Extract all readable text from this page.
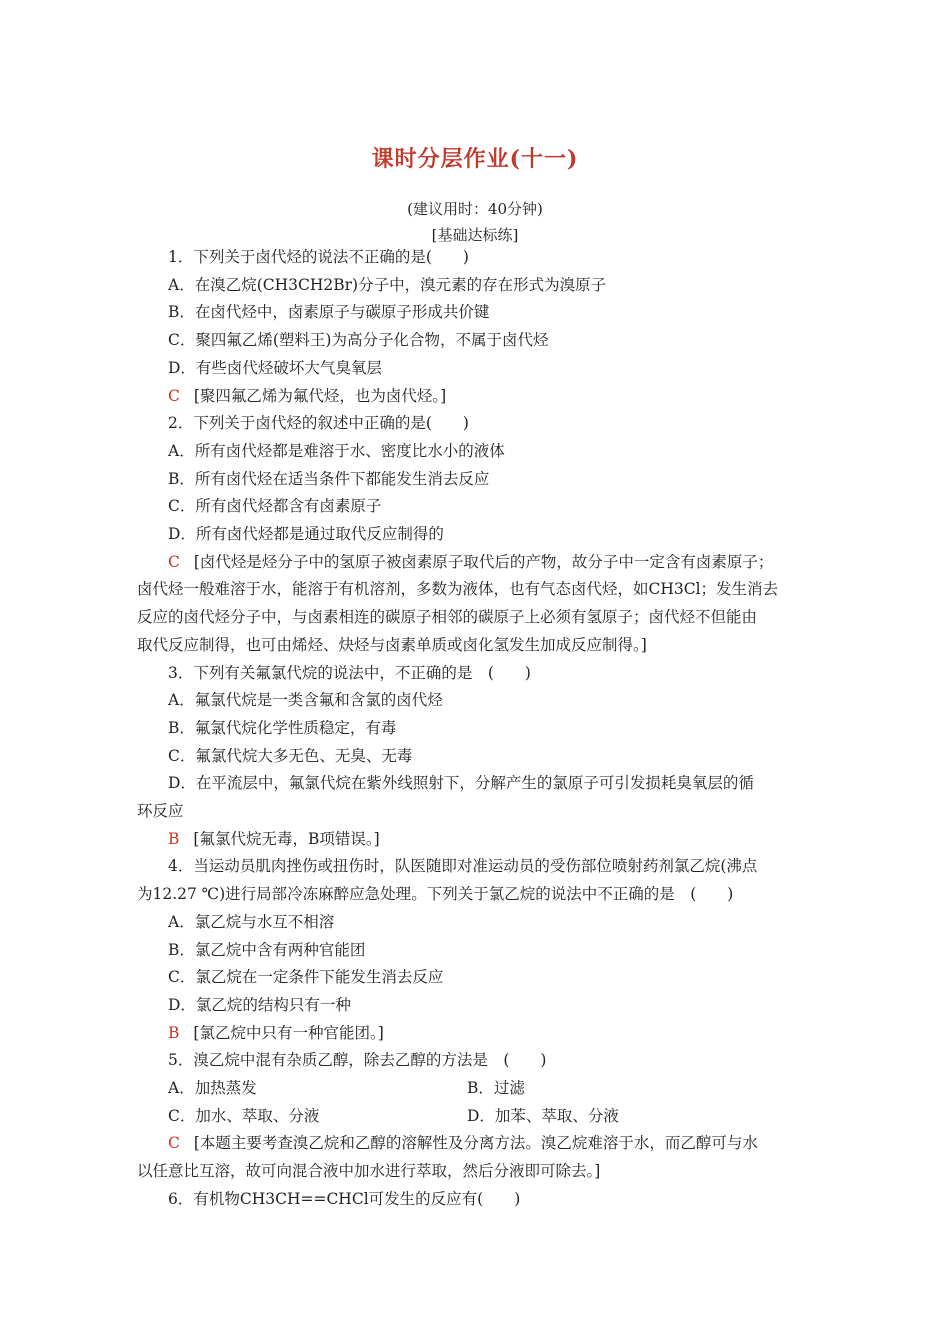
课时分层作业(十一)
(建议用时：40分钟)
[基础达标练]
1．下列关于卤代烃的说法不正确的是(　　)
A．在溴乙烷(CH3CH2Br)分子中，溴元素的存在形式为溴原子
B．在卤代烃中，卤素原子与碳原子形成共价键
C．聚四氟乙烯(塑料王)为高分子化合物，不属于卤代烃
D．有些卤代烃破坏大气臭氧层
C [聚四氟乙烯为氟代烃，也为卤代烃。]
2．下列关于卤代烃的叙述中正确的是(　　)
A．所有卤代烃都是难溶于水、密度比水小的液体
B．所有卤代烃在适当条件下都能发生消去反应
C．所有卤代烃都含有卤素原子
D．所有卤代烃都是通过取代反应制得的
C [卤代烃是烃分子中的氢原子被卤素原子取代后的产物，故分子中一定含有卤素原子；
卤代烃一般难溶于水，能溶于有机溶剂，多数为液体，也有气态卤代烃，如CH3Cl；发生消去
反应的卤代烃分子中，与卤素相连的碳原子相邻的碳原子上必须有氢原子；卤代烃不但能由
取代反应制得，也可由烯烃、炔烃与卤素单质或卤化氢发生加成反应制得。]
3．下列有关氟氯代烷的说法中，不正确的是　(　　)
A．氟氯代烷是一类含氟和含氯的卤代烃
B．氟氯代烷化学性质稳定，有毒
C．氟氯代烷大多无色、无臭、无毒
D．在平流层中，氟氯代烷在紫外线照射下，分解产生的氯原子可引发损耗臭氧层的循
环反应
B [氟氯代烷无毒，B项错误。]
4．当运动员肌肉挫伤或扭伤时，队医随即对准运动员的受伤部位喷射药剂氯乙烷(沸点
为12.27 ℃)进行局部冷冻麻醉应急处理。下列关于氯乙烷的说法中不正确的是　(　　)
A．氯乙烷与水互不相溶
B．氯乙烷中含有两种官能团
C．氯乙烷在一定条件下能发生消去反应
D．氯乙烷的结构只有一种
B [氯乙烷中只有一种官能团。]
5．溴乙烷中混有杂质乙醇，除去乙醇的方法是　(　　)
A．加热蒸发	B．过滤
C．加水、萃取、分液	D．加苯、萃取、分液
C [本题主要考查溴乙烷和乙醇的溶解性及分离方法。溴乙烷难溶于水，而乙醇可与水
以任意比互溶，故可向混合液中加水进行萃取，然后分液即可除去。]
6．有机物CH3CH==CHCl可发生的反应有(　　)
